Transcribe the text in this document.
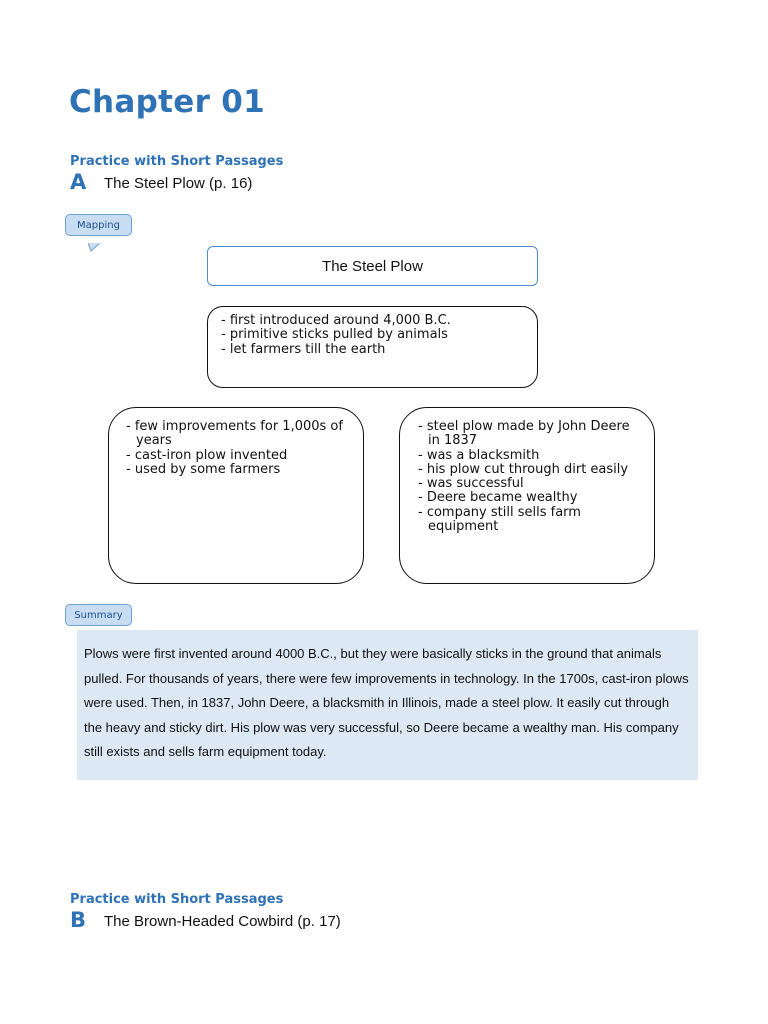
Chapter 01
Practice with Short Passages
A The Steel Plow (p. 16)
Mapping
The Steel Plow
- first introduced around 4,000 B.C.
- primitive sticks pulled by animals
- let farmers till the earth
- few improvements for 1,000s of years
- cast-iron plow invented
- used by some farmers
- steel plow made by John Deere in 1837
- was a blacksmith
- his plow cut through dirt easily
- was successful
- Deere became wealthy
- company still sells farm equipment
Summary
Plows were first invented around 4000 B.C., but they were basically sticks in the ground that animals pulled. For thousands of years, there were few improvements in technology. In the 1700s, cast-iron plows were used. Then, in 1837, John Deere, a blacksmith in Illinois, made a steel plow. It easily cut through the heavy and sticky dirt. His plow was very successful, so Deere became a wealthy man. His company still exists and sells farm equipment today.
Practice with Short Passages
B The Brown-Headed Cowbird (p. 17)
